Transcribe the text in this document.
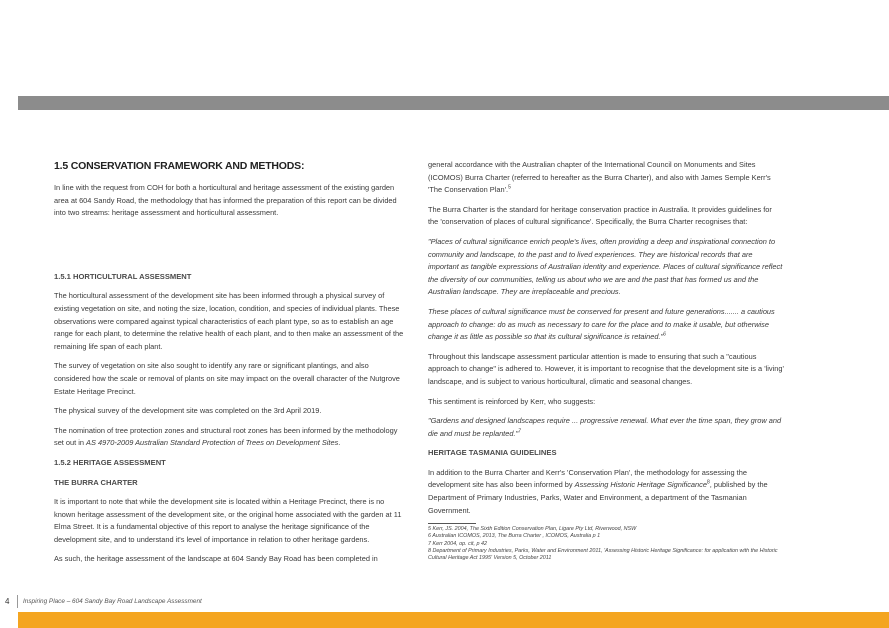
1.5 CONSERVATION FRAMEWORK AND METHODS:

In line with the request from COH for both a horticultural and heritage assessment of the existing garden area at 604 Sandy Road, the methodology that has informed the preparation of this report can be divided into two streams: heritage assessment and horticultural assessment.

1.5.1 HORTICULTURAL ASSESSMENT

The horticultural assessment of the development site has been informed through a physical survey of existing vegetation on site, and noting the size, location, condition, and species of individual plants. These observations were compared against typical characteristics of each plant type, so as to establish an age range for each plant, to determine the relative health of each plant, and to then make an assessment of the remaining life span of each plant.

The survey of vegetation on site also sought to identify any rare or significant plantings, and also considered how the scale or removal of plants on site may impact on the overall character of the Nutgrove Estate Heritage Precinct.

The physical survey of the development site was completed on the 3rd April 2019.

The nomination of tree protection zones and structural root zones has been informed by the methodology set out in AS 4970-2009 Australian Standard Protection of Trees on Development Sites.

1.5.2 HERITAGE ASSESSMENT
THE BURRA CHARTER

It is important to note that while the development site is located within a Heritage Precinct, there is no known heritage assessment of the development site, or the original home associated with the garden at 11 Elma Street. It is a fundamental objective of this report to analyse the heritage significance of the development site, and to understand it's level of importance in relation to other heritage gardens.

As such, the heritage assessment of the landscape at 604 Sandy Bay Road has been completed in

general accordance with the Australian chapter of the International Council on Monuments and Sites (ICOMOS) Burra Charter (referred to hereafter as the Burra Charter), and also with James Semple Kerr's 'The Conservation Plan'.$^5$

The Burra Charter is the standard for heritage conservation practice in Australia. It provides guidelines for the 'conservation of places of cultural significance'. Specifically, the Burra Charter recognises that:

"Places of cultural significance enrich people's lives, often providing a deep and inspirational connection to community and landscape, to the past and to lived experiences. They are historical records that are important as tangible expressions of Australian identity and experience. Places of cultural significance reflect the diversity of our communities, telling us about who we are and the past that has formed us and the Australian landscape. They are irreplaceable and precious.

These places of cultural significance must be conserved for present and future generations....... a cautious approach to change: do as much as necessary to care for the place and to make it usable, but otherwise change it as little as possible so that its cultural significance is retained."$^6$

Throughout this landscape assessment particular attention is made to ensuring that such a "cautious approach to change" is adhered to. However, it is important to recognise that the development site is a 'living' landscape, and is subject to various horticultural, climatic and seasonal changes.

This sentiment is reinforced by Kerr, who suggests:

"Gardens and designed landscapes require ... progressive renewal. What ever the time span, they grow and die and must be replanted."$^7$

HERITAGE TASMANIA GUIDELINES

In addition to the Burra Charter and Kerr's 'Conservation Plan', the methodology for assessing the development site has also been informed by Assessing Historic Heritage Significance$^8$, published by the Department of Primary Industries, Parks, Water and Environment, a department of the Tasmanian Government.

5 Kerr, JS. 2004, The Sixth Edition Conservation Plan, Ligare Pty Ltd, Riverwood, NSW
6 Australian ICOMOS, 2013, The Burra Charter , ICOMOS, Australia p 1
7 Kerr 2004, op. cit, p 42
8 Department of Primary Industries, Parks, Water and Environment 2011, 'Assessing Historic Heritage Significance: for application with the Historic Cultural Heritage Act 1995' Version 5, October 2011
4 Inspiring Place – 604 Sandy Bay Road Landscape Assessment
